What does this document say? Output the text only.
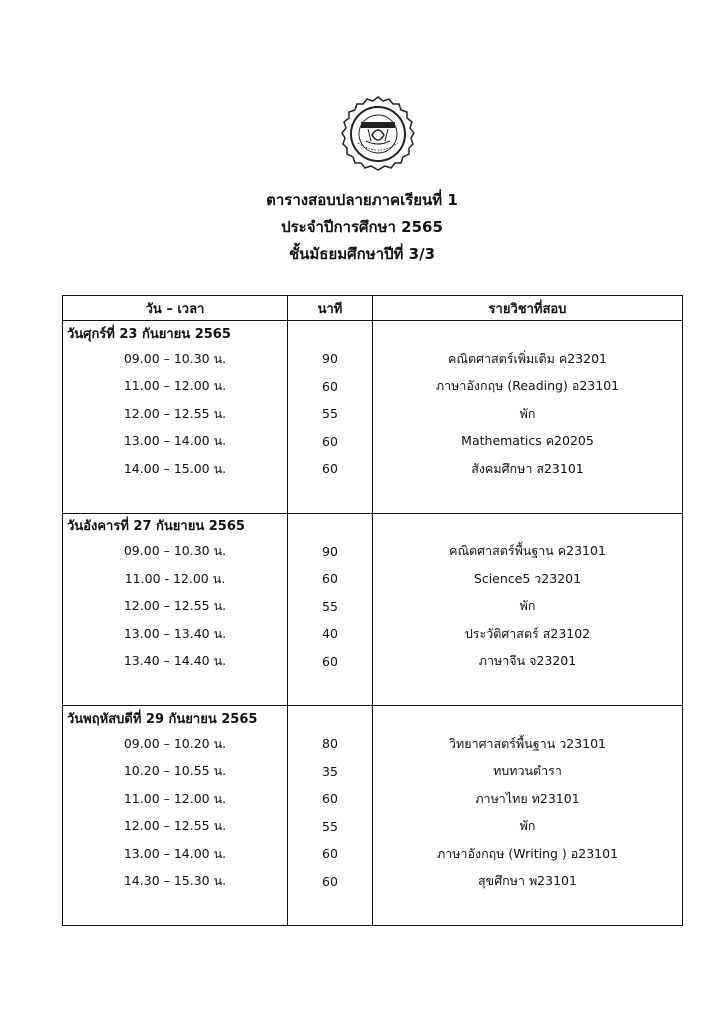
ตารางสอบปลายภาคเรียนที่ 1
ประจำปีการศึกษา 2565
ชั้นมัธยมศึกษาปีที่ 3/3
วัน – เวลา	นาที	รายวิชาที่สอบ
วันศุกร์ที่ 23 กันยายน 2565		
09.00 – 10.30 น.	90	คณิตศาสตร์เพิ่มเติม ค23201
11.00 – 12.00 น.	60	ภาษาอังกฤษ (Reading) อ23101
12.00 – 12.55 น.	55	พัก
13.00 – 14.00 น.	60	Mathematics ค20205
14.00 – 15.00 น.	60	สังคมศึกษา ส23101

วันอังคารที่ 27 กันยายน 2565		
09.00 – 10.30 น.	90	คณิตศาสตร์พื้นฐาน ค23101
11.00 - 12.00 น.	60	Science5 ว23201
12.00 – 12.55 น.	55	พัก
13.00 – 13.40 น.	40	ประวัติศาสตร์ ส23102
13.40 – 14.40 น.	60	ภาษาจีน จ23201

วันพฤหัสบดีที่ 29 กันยายน 2565		
09.00 – 10.20 น.	80	วิทยาศาสตร์พื้นฐาน ว23101
10.20 – 10.55 น.	35	ทบทวนตำรา
11.00 – 12.00 น.	60	ภาษาไทย ท23101
12.00 – 12.55 น.	55	พัก
13.00 – 14.00 น.	60	ภาษาอังกฤษ (Writing ) อ23101
14.30 – 15.30 น.	60	สุขศึกษา พ23101
